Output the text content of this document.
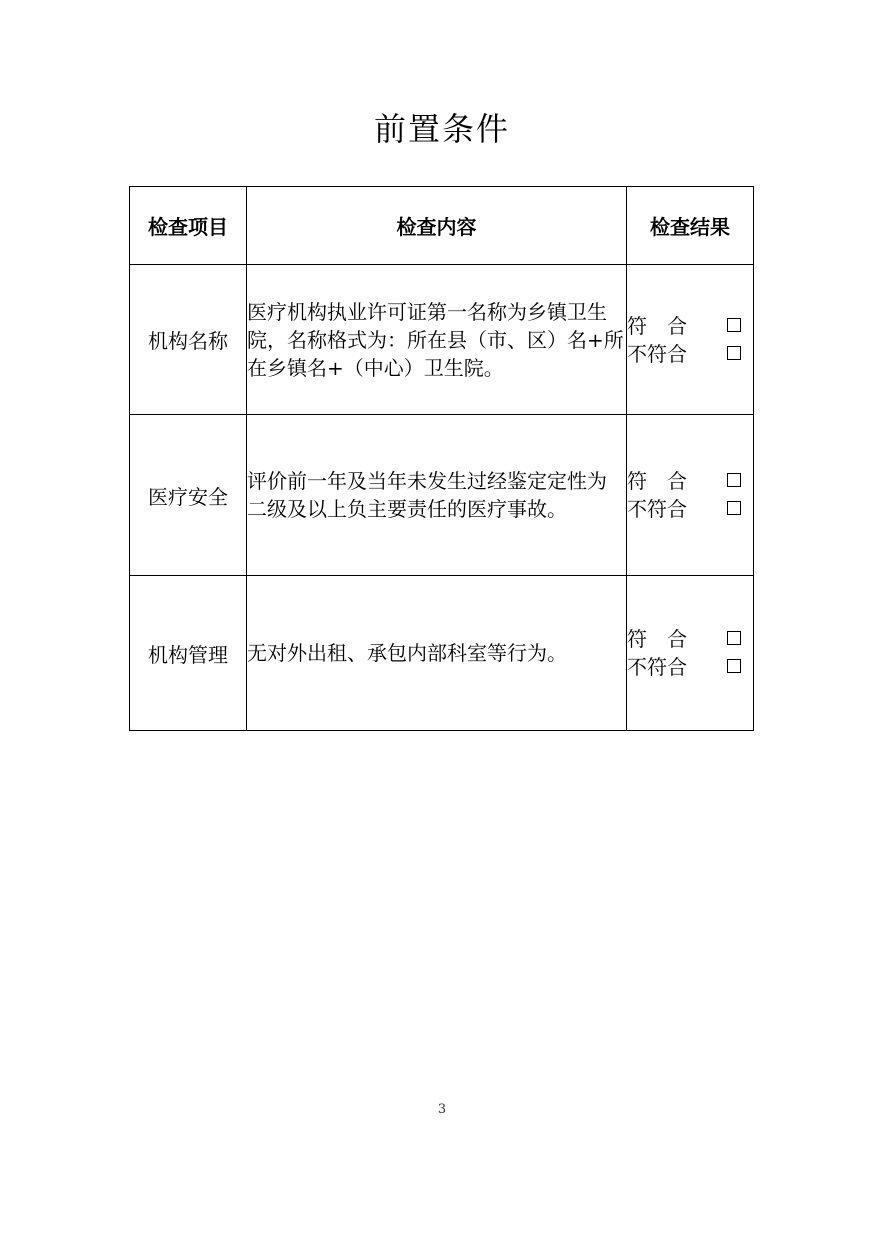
前置条件
检查项目	检查内容	检查结果
机构名称	医疗机构执业许可证第一名称为乡镇卫生院，名称格式为：所在县（市、区）名+所在乡镇名+（中心）卫生院。	符　合
不符合

医疗安全	评价前一年及当年未发生过经鉴定定性为二级及以上负主要责任的医疗事故。	符　合
不符合

机构管理	无对外出租、承包内部科室等行为。	符　合
不符合
3
